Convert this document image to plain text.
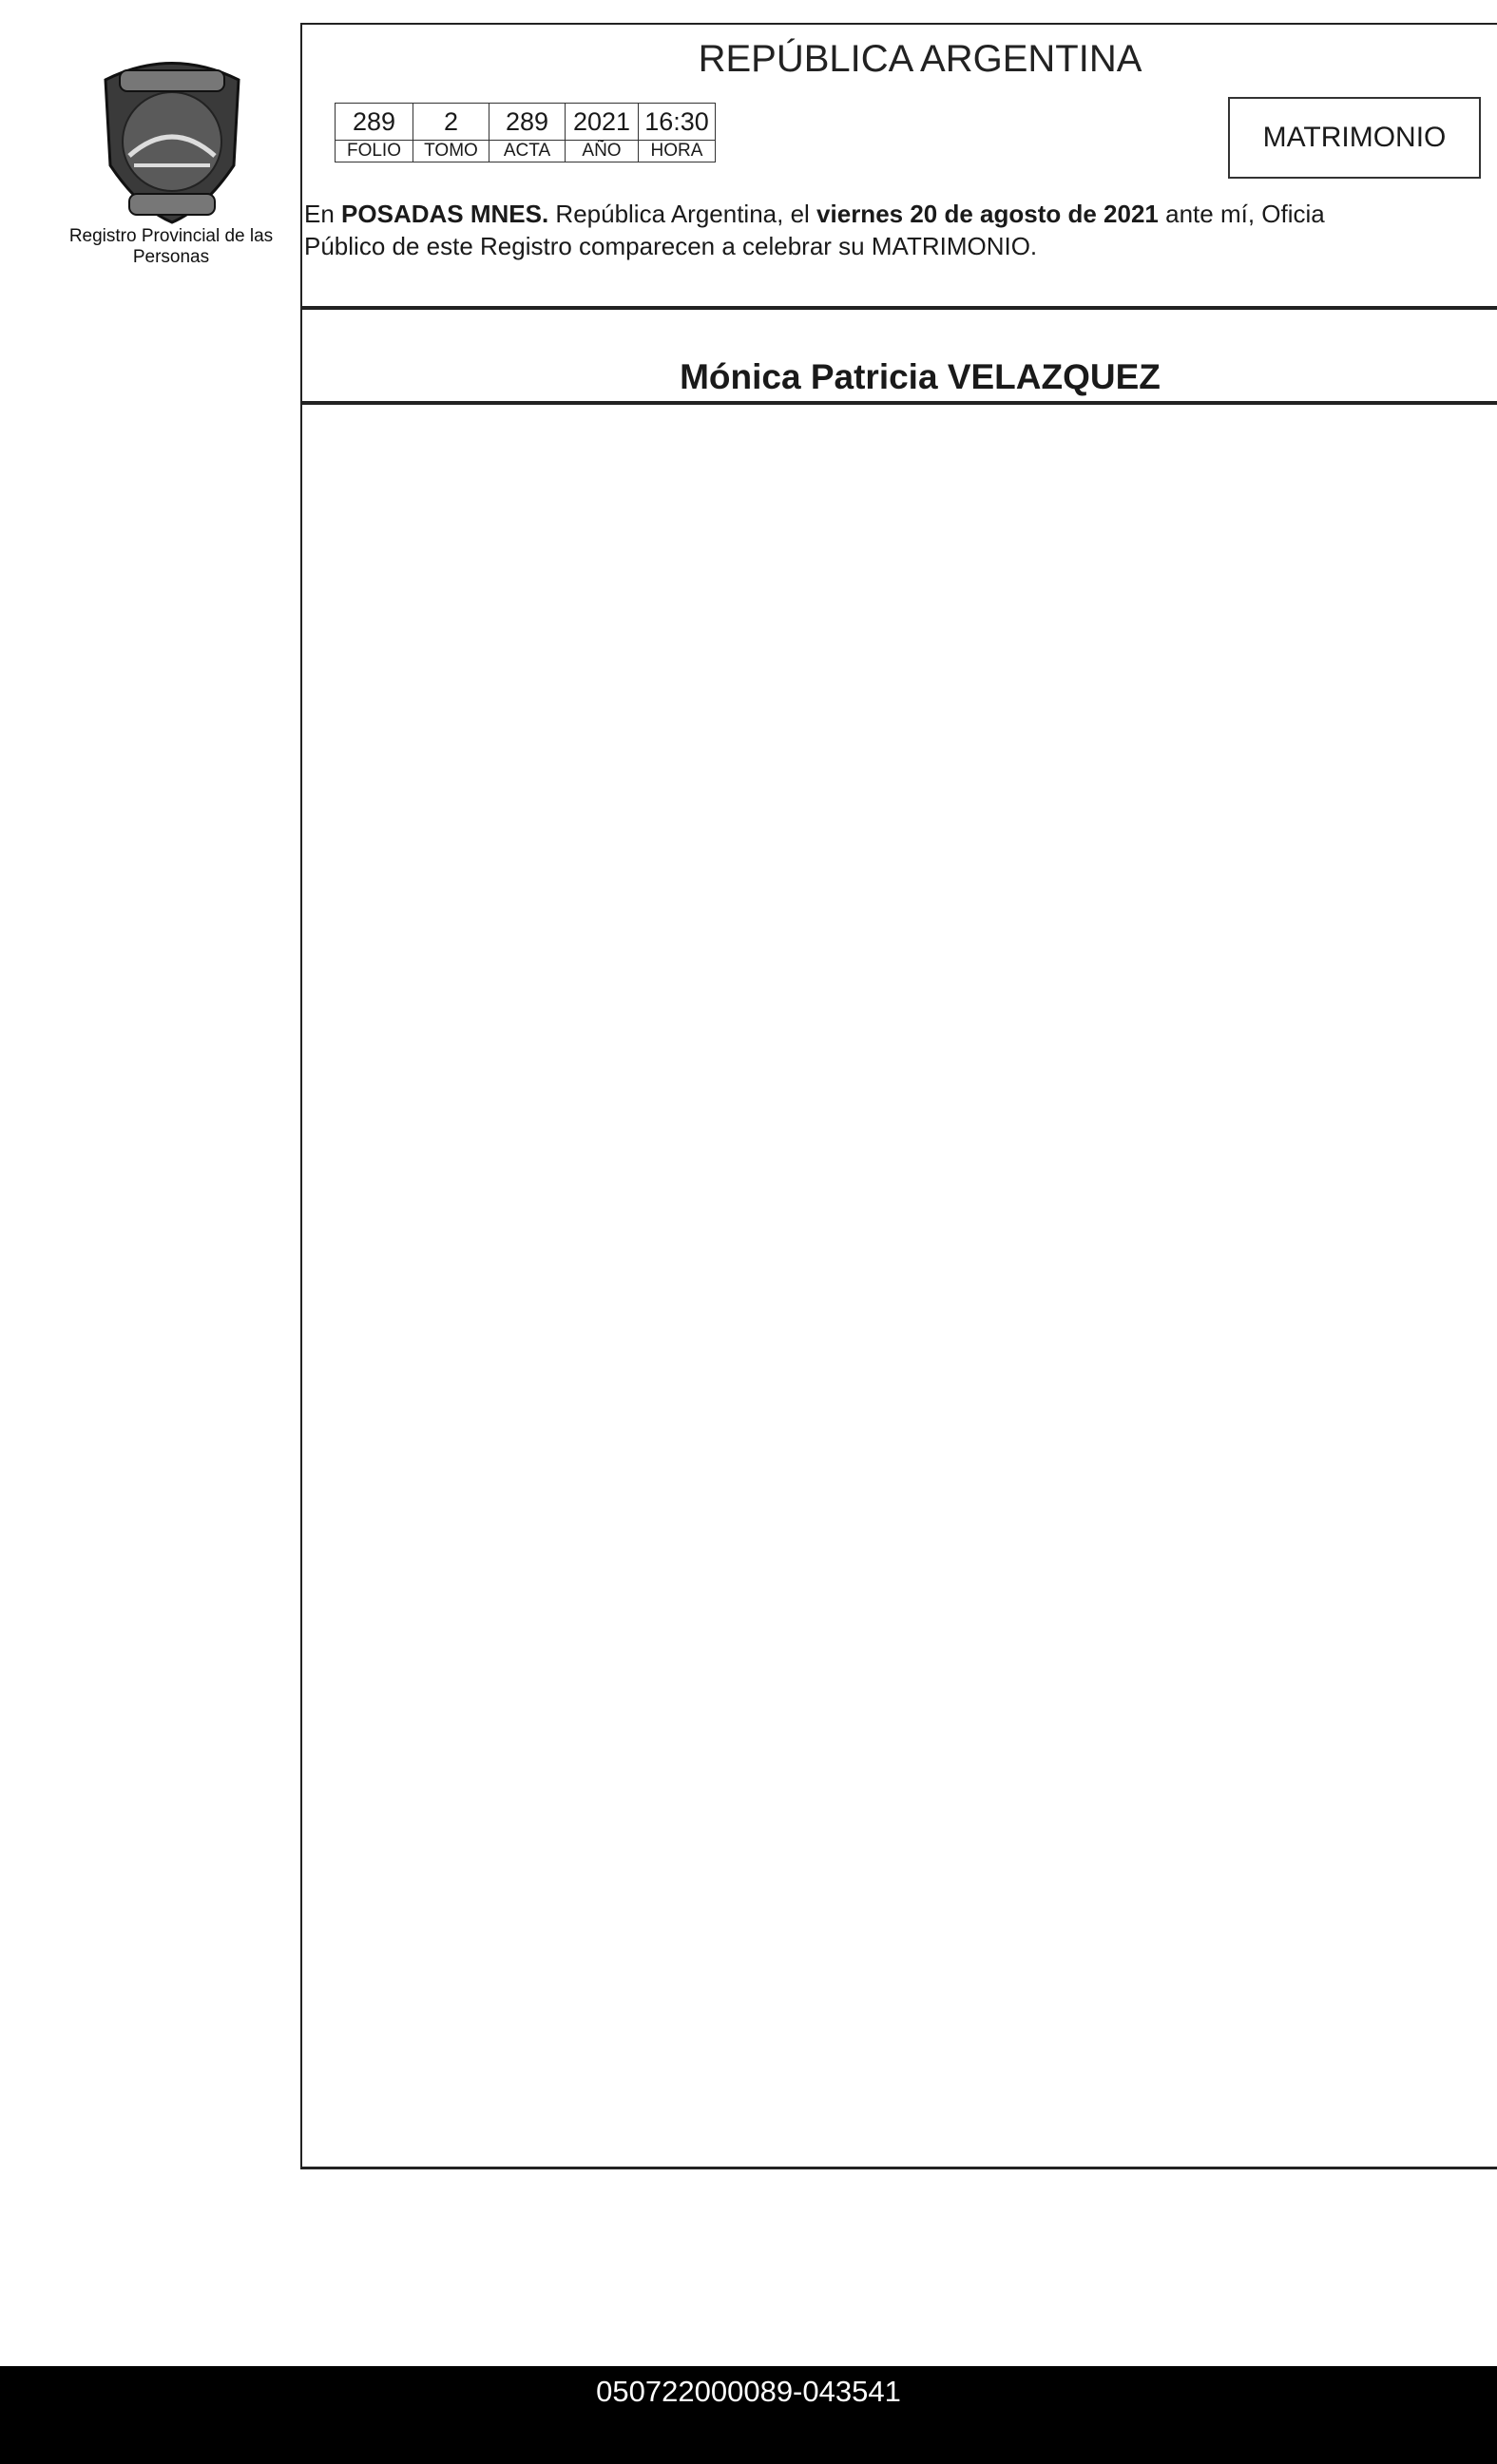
Registro Provincial de las Personas
REPÚBLICA ARGENTINA
289	2	289	2021	16:30
FOLIO	TOMO	ACTA	AÑO	HORA	MATRIMONIO
En POSADAS MNES. República Argentina, el viernes 20 de agosto de 2021 ante mí, Oficia
Público de este Registro comparecen a celebrar su MATRIMONIO.
Mónica Patricia VELAZQUEZ
050722000089-043541
